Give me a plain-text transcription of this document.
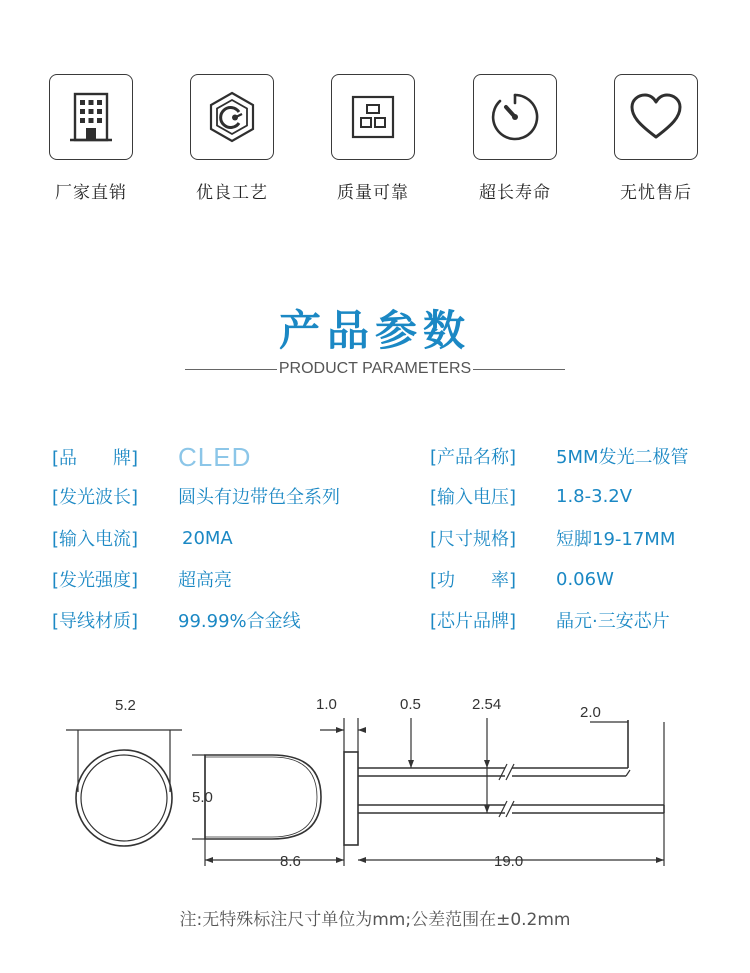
厂家直销	优良工艺	质量可靠	超长寿命	无忧售后
产品参数
PRODUCT PARAMETERS
[品　　牌]	CLED
[发光波长]	圆头有边带色全系列
[输入电流]	20MA
[发光强度]	超高亮
[导线材质]	99.99%合金线
[产品名称]	5MM发光二极管
[输入电压]	1.8-3.2V
[尺寸规格]	短脚19-17MM
[功　　率]	0.06W
[芯片品牌]	晶元·三安芯片
5.2	1.0	0.5	2.54	2.0
5.0
8.6	19.0
注:无特殊标注尺寸单位为mm;公差范围在±0.2mm
